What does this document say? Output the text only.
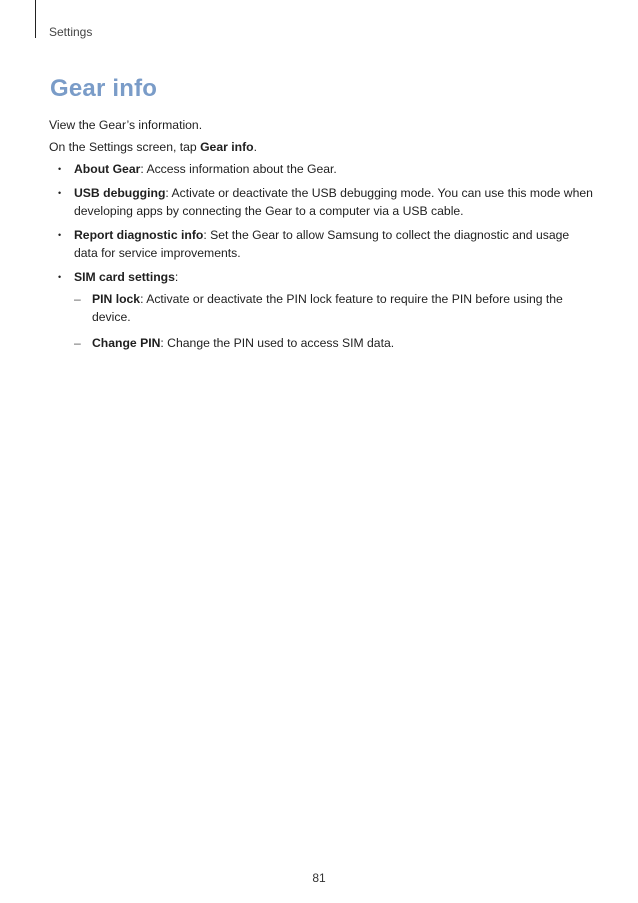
Settings
Gear info

View the Gear’s information.

On the Settings screen, tap Gear info.

• About Gear: Access information about the Gear.
• USB debugging: Activate or deactivate the USB debugging mode. You can use this mode when developing apps by connecting the Gear to a computer via a USB cable.
• Report diagnostic info: Set the Gear to allow Samsung to collect the diagnostic and usage data for service improvements.
• SIM card settings:
– PIN lock: Activate or deactivate the PIN lock feature to require the PIN before using the device.
– Change PIN: Change the PIN used to access SIM data.
81
